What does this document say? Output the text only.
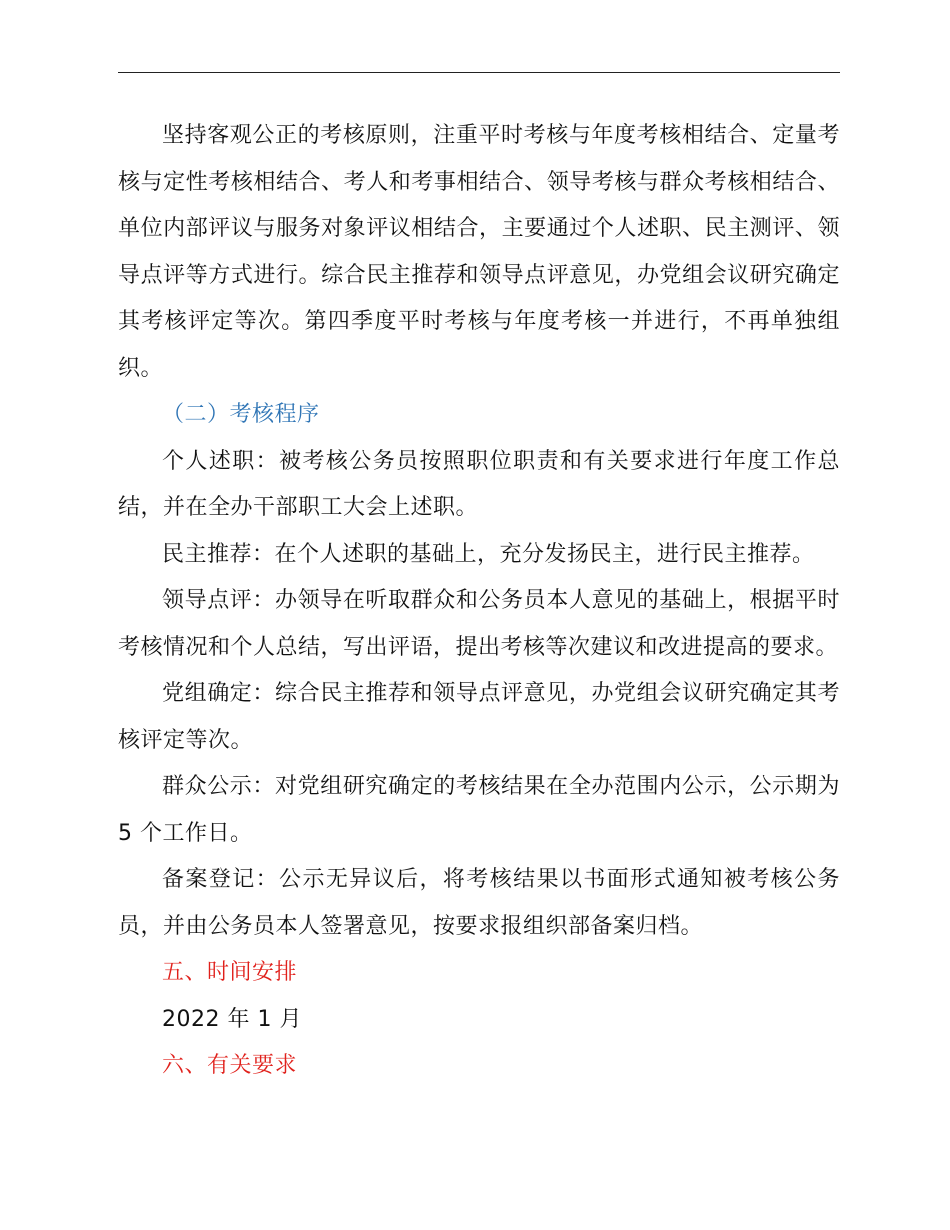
坚持客观公正的考核原则，注重平时考核与年度考核相结合、定量考核与定性考核相结合、考人和考事相结合、领导考核与群众考核相结合、单位内部评议与服务对象评议相结合，主要通过个人述职、民主测评、领导点评等方式进行。综合民主推荐和领导点评意见，办党组会议研究确定其考核评定等次。第四季度平时考核与年度考核一并进行，不再单独组织。

（二）考核程序

个人述职：被考核公务员按照职位职责和有关要求进行年度工作总结，并在全办干部职工大会上述职。

民主推荐：在个人述职的基础上，充分发扬民主，进行民主推荐。

领导点评：办领导在听取群众和公务员本人意见的基础上，根据平时考核情况和个人总结，写出评语，提出考核等次建议和改进提高的要求。

党组确定：综合民主推荐和领导点评意见，办党组会议研究确定其考核评定等次。

群众公示：对党组研究确定的考核结果在全办范围内公示，公示期为 5 个工作日。

备案登记：公示无异议后，将考核结果以书面形式通知被考核公务员，并由公务员本人签署意见，按要求报组织部备案归档。

五、时间安排

2022 年 1 月

六、有关要求
